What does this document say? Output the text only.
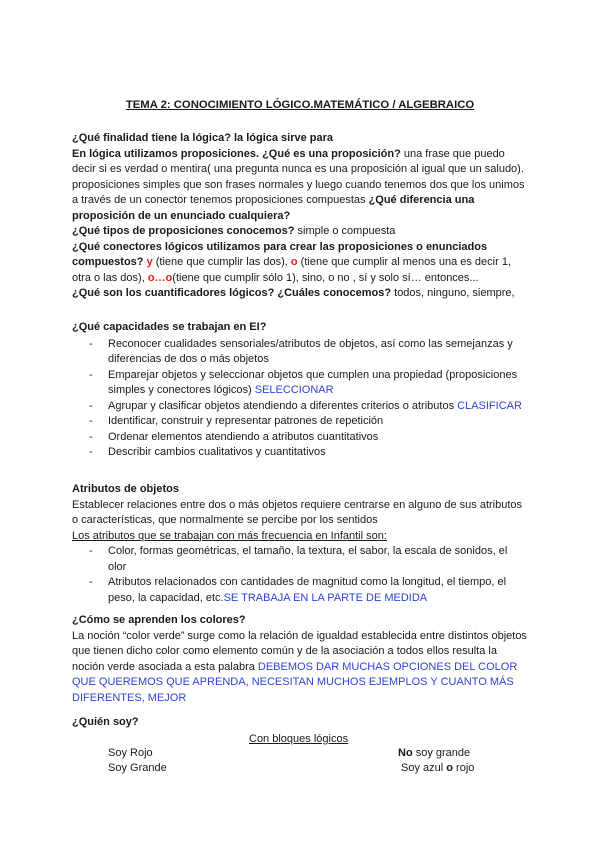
TEMA 2: CONOCIMIENTO LÓGICO.MATEMÁTICO / ALGEBRAICO
¿Qué finalidad tiene la lógica? la lógica sirve para
En lógica utilizamos proposiciones. ¿Qué es una proposición? una frase que puedo decir si es verdad o mentira( una pregunta nunca es una proposición al igual que un saludo). proposiciones simples que son frases normales y luego cuando tenemos dos que los unimos a través de un conector tenemos proposiciones compuestas ¿Qué diferencia una proposición de un enunciado cualquiera?
¿Qué tipos de proposiciones conocemos? simple o compuesta
¿Qué conectores lógicos utilizamos para crear las proposiciones o enunciados compuestos? y (tiene que cumplir las dos), o (tiene que cumplir al menos una es decir 1, otra o las dos), o…o(tiene que cumplir sólo 1), sino, o no , sí y solo sí… entonces...
¿Qué son los cuantificadores lógicos? ¿Cuáles conocemos? todos, ninguno, siempre,
¿Qué capacidades se trabajan en EI?
- Reconocer cualidades sensoriales/atributos de objetos, así como las semejanzas y diferencias de dos o más objetos
- Emparejar objetos y seleccionar objetos que cumplen una propiedad (proposiciones simples y conectores lógicos) SELECCIONAR
- Agrupar y clasificar objetos atendiendo a diferentes criterios o atributos CLASIFICAR
- Identificar, construir y representar patrones de repetición
- Ordenar elementos atendiendo a atributos cuantitativos
- Describir cambios cualitativos y cuantitativos
Atributos de objetos
Establecer relaciones entre dos o más objetos requiere centrarse en alguno de sus atributos o características, que normalmente se percibe por los sentidos
Los atributos que se trabajan con más frecuencia en Infantil son:
- Color, formas geométricas, el tamaño, la textura, el sabor, la escala de sonidos, el olor
- Atributos relacionados con cantidades de magnitud como la longitud, el tiempo, el peso, la capacidad, etc.SE TRABAJA EN LA PARTE DE MEDIDA
¿Cómo se aprenden los colores?
La noción “color verde” surge como la relación de igualdad establecida entre distintos objetos que tienen dicho color como elemento común y de la asociación a todos ellos resulta la noción verde asociada a esta palabra DEBEMOS DAR MUCHAS OPCIONES DEL COLOR QUE QUEREMOS QUE APRENDA, NECESITAN MUCHOS EJEMPLOS Y CUANTO MÁS DIFERENTES, MEJOR
¿Quién soy?
Con bloques lógicos
Soy Rojo	No soy grande
Soy Grande	Soy azul o rojo
